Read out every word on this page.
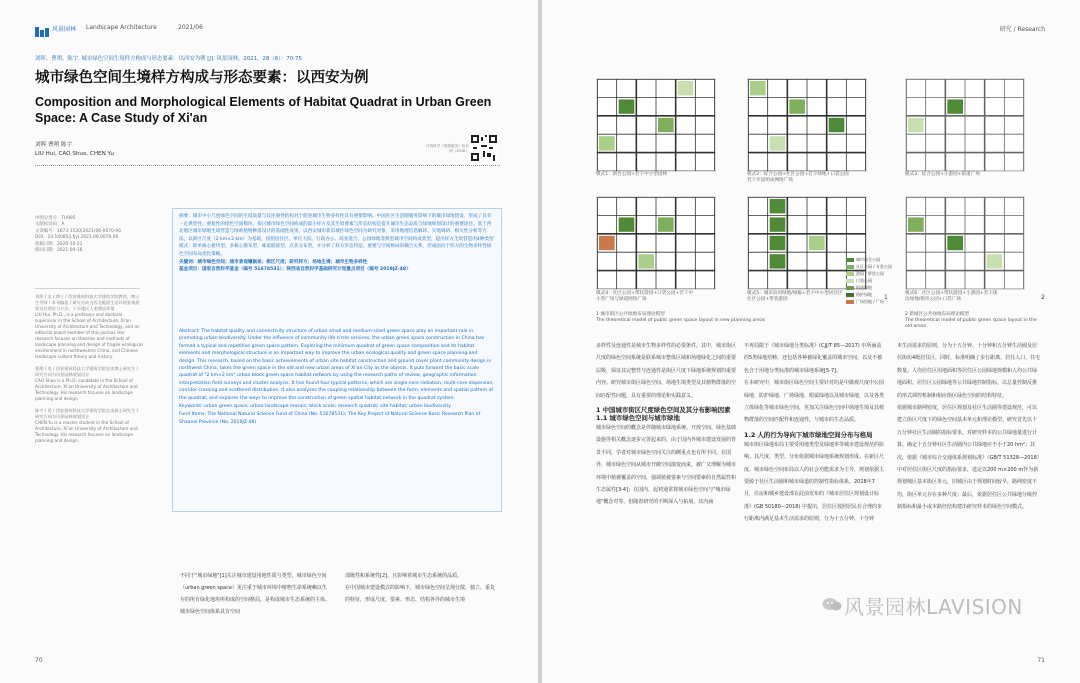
风景园林 Landscape Architecture	2021/06
刘晖、曹朔、陈宇. 城市绿色空间生境样方构成与形态要素：以西安为例 [J]. 风景园林，2021，28（6）：70-75
城市绿色空间生境样方构成与形态要素：以西安为例
Composition and Morphological Elements of Habitat Quadrat in Urban Green Space: A Case Study of Xi'an
刘晖 曹朔 陈宇
LIU Hui, CAO Shuo, CHEN Yu
开放科学（资源服务）标识码（OSID）
中图分类号：TU985
文献标识码：A
文章编号：1673-1530(2021)06-0070-06
DOI：10.14085/j.fjyl.2021.06.0070.06
收稿日期：2020-10-21
修回日期：2021-04-16
刘晖 / 女 / 博士 / 西安建筑科技大学建筑学院教授、博士生导师 / 本刊编委 / 研究方向为西北脆弱生态环境景观规划设计理论与方法；干旱地区人类聚居环境
LIU Hui, Ph.D., is a professor and doctoral supervisor in the School of Architecture, Xi'an University of Architecture and Technology, and an editorial board member of this journal. Her research focuses on theories and methods of landscape planning and design of fragile ecological environment in northwestern China, and Chinese landscape culture theory and history.
曹朔 / 男 / 西安建筑科技大学建筑学院在读博士研究生 / 研究方向为风景园林规划设计
CAO Shuo is a Ph.D. candidate in the School of Architecture, Xi'an University of Architecture and Technology. His research focuses on landscape planning and design.
陈宇 / 男 / 西安建筑科技大学建筑学院在读硕士研究生 / 研究方向为风景园林规划设计
CHEN Yu is a master student in the School of Architecture, Xi'an University of Architecture and Technology. His research focuses on landscape planning and design.
摘要：城市中小尺度绿色空间的生境质量与其连通性结构对于促进城市生物多样性具有重要影响。中国社区生活圈服务影响下的城市绿地建设，形成了具有一定典型性、重复性的绿色空间模块。探讨城市绿色空间构成的最小样方及其生境要素与形态结构是提升城市生态品质与绿地规划设计的重要途径。基于西北地区城市绿地生境营造与绿被植物种落设计的基础性成果，以西安城市新旧城区绿色空间为研究对象，采用地理信息解译、实地调研、相关性分析等方法，以街区尺度（2 km×2 km）为基础，按照居住区、单位大院、行政办公、商业混合、公园绿地等典型城市空间构成类型，提出样方生境营造的4种类型模式：即单核心板块型、多核心散布型、廊道联接型、点状分布型，并分析了样方形态特征。重要与空间格局的耦合关系，形成面向于样方的生物多样性绿色空间布局优化策略。
关键词：城市绿色空间；城市景观镶嵌体；街区尺度；研究样方；场地生境；城市生物多样性
基金项目：国家自然科学基金（编号 51678531）；陕西省自然科学基础研究计划重点项目（编号 2019JZ-48）
Abstract: The habitat quality and connectivity structure of urban small and medium-sized green space play an important role in promoting urban biodiversity. Under the influence of community life circle services, the urban green space construction in China has formed a typical and repetitive green space pattern. Exploring the minimum quadrat of green space composition and its habitat elements and morphological structure is an important way to improve the urban ecological quality and green space planning and design. This research, based on the basic achievements of urban site habitat construction and ground cover plant community design in northwest China, takes the green space in the old and new urban areas of Xi'an City as the objects. It puts forward the basic scale quadrat of "2 km×2 km" urban block green space habitat network by using the research paths of review, geographic information interpretation field surveys and cluster analysis. It has found four typical patterns, which are single-core radiation, multi-core dispersion, corridor crossing and scattered distribution. It also analyzes the coupling relationship between the form, elements and spatial pattern of the quadrat, and explores the ways to improve the construction of green spatial habitat network in the quadrat system.
Keywords: urban green space; urban landscape mosaic; block scale; research quadrat; site habitat; urban biodiversity
Fund Items: The National Natural Science Fund of China (No. 51678531); The Key Project of Natural Science Basic Research Plan of Shaanxi Province (No. 2019JZ-48)
不同于"城市绿地"[1]关注城市建设用地性质与类型，城市绿色空间（urban green space）更注重于城市环境中植物生命系统赖以生存的所有绿化地块所构成的空间格局，是构成城市生态系统的主体。城市绿色空间体系具有空间
部级性和系统性[2]，且影响着城市生态系统的品质。
在中国城市建设模式的影响下，城市绿色空间呈现分散、独立、重复的特征，形成尺度、要素、形态、结构各异的城市生境
70
研究 / Research
模式1：街台公园+若干中小型园林	模式2：综合公园+社区公园+若干绿地+口袋公园
若干步道组成网络广场
模式3：综合公园+小游园+街道广场
城市综合公园
社区公园 / 专类公园
游园 / 带状公园
口袋公园
街道绿地
防护绿地
广场用地 / 广场
模式4：社区公园+带状游园+口袋公园+若干中
小型广场与绿道网络广场
模式5：城市滨河绿地/绿廊+若干中小型居住区
社区公园+带状游园
模式6：社区公园+带状游园+小游园+若干街
边绿地/街旁公园+口袋广场
1	2
1 城市街区公共绿地布局理论模型
The theoretical model of public green space layout in new planning areas
2 新城区公共绿地布局理论模型
The theoretical model of public green space layout in the old areas
多样性及连通性是城市生物多样性的必要条件。其中，城市街区尺度的绿色空间系统是联系城市整体区域和场地绿化之间的重要层级，保证其完整性与连通性是街区尺度下绿地系统规划的重要内容。研究城市街区绿色空间、场地生境类型及其植物群落的空间匹配性问题，具有重要的理论和实践意义。
1 中国城市街区尺度绿色空间及其分布影响因素
1.1 城市绿色空间与城市绿地
城市绿色空间的概念是伴随城市绿地系统、开放空间、绿色基础设施等相关概念逐步完善起来的，由于国内外城市建设发展的背景不同，学者对城市绿色空间关注的侧重点也有所不同。在国外，城市绿色空间从城市开敞空间演变而来，被广义理解为城市环境中植被覆盖的空间，强调植被要素与空间要素的自然属性和生态属性[3-4]；在国内，起初通常将城市绿色空间与"城市绿地"概念对等，但随着研究的不断深入与拓展，其内涵
不再局限于《城市绿地分类标准》(CJJ/T 85—2017) 中所涵盖的5类绿地范畴，还包括各种被绿化覆盖的城市空间，以及不被包含于用地分类标准的城市绿地系统[5-7]。
在本研究中，城市街区绿色空间主要针对的是中微观尺度中公园绿地、防护绿地、广场绿地、附属绿地以及城市绿地，以及各类立体绿化等城市绿色空间，更加关注绿色空间中场地生境及其植物群落的空间匹配性和连通性，与城市的生态品质。
1.2 人的行为导向下城市绿地空间分布与格局
城市街区绿地布局主要受用地类型及绿地率等城市建设规范的影响。其尺度、类型、分布依据城市绿地系统规划形成。在新区尺度，城市绿色空间布局以人的社会功能需求为主导，规划依据主要源于社区生活圈和城市绿道的控制性指标体系。2018年7月，住房和城乡建设部在此前发布的《城市居住区规划设计标准》(GB 50180—2018) 中提出，居住区按照居民在合理的步行距离内满足基本生活需求的原则，分为十五分钟、十分钟
本生活需求的原则，分为十五分钟、十分钟和五分钟生活圈及居住街坊4级居住区，同时，标准明确了步行距离、居住人口、住宅数量。人均居住区用地面积等居住区公园绿地规模和人均公共绿地面积。居住区公园绿地等公共绿地控制指标，以总量控制反推的形式调控机制和相应街区绿色空间的结构特征。
依据城市路网密度，居住区规划及社区生活圈等建设规范，可以建立街区尺度下的绿色空间基本单元和理论模型。研究首先以十五分钟社区生活圈的指标要求，对研究样本的公共绿地量进行计算，确定十五分钟社区生活圈内公共绿地应不小于20 hm²；其次，依据《城市综合交通体系规划标准》（GB/T 51328—2018）中对居住区街区尺度的指标要求，选定以200 m×200 m作为新规划城区基本街区单元，旧城区由于规划时间较早，路网密度不均，街区单元存在多种尺度；最后，依据居住区公共绿地分级控制指标和最小或本路径结构建出研究样本的绿色空间模式。
风景园林LAVISION
71
